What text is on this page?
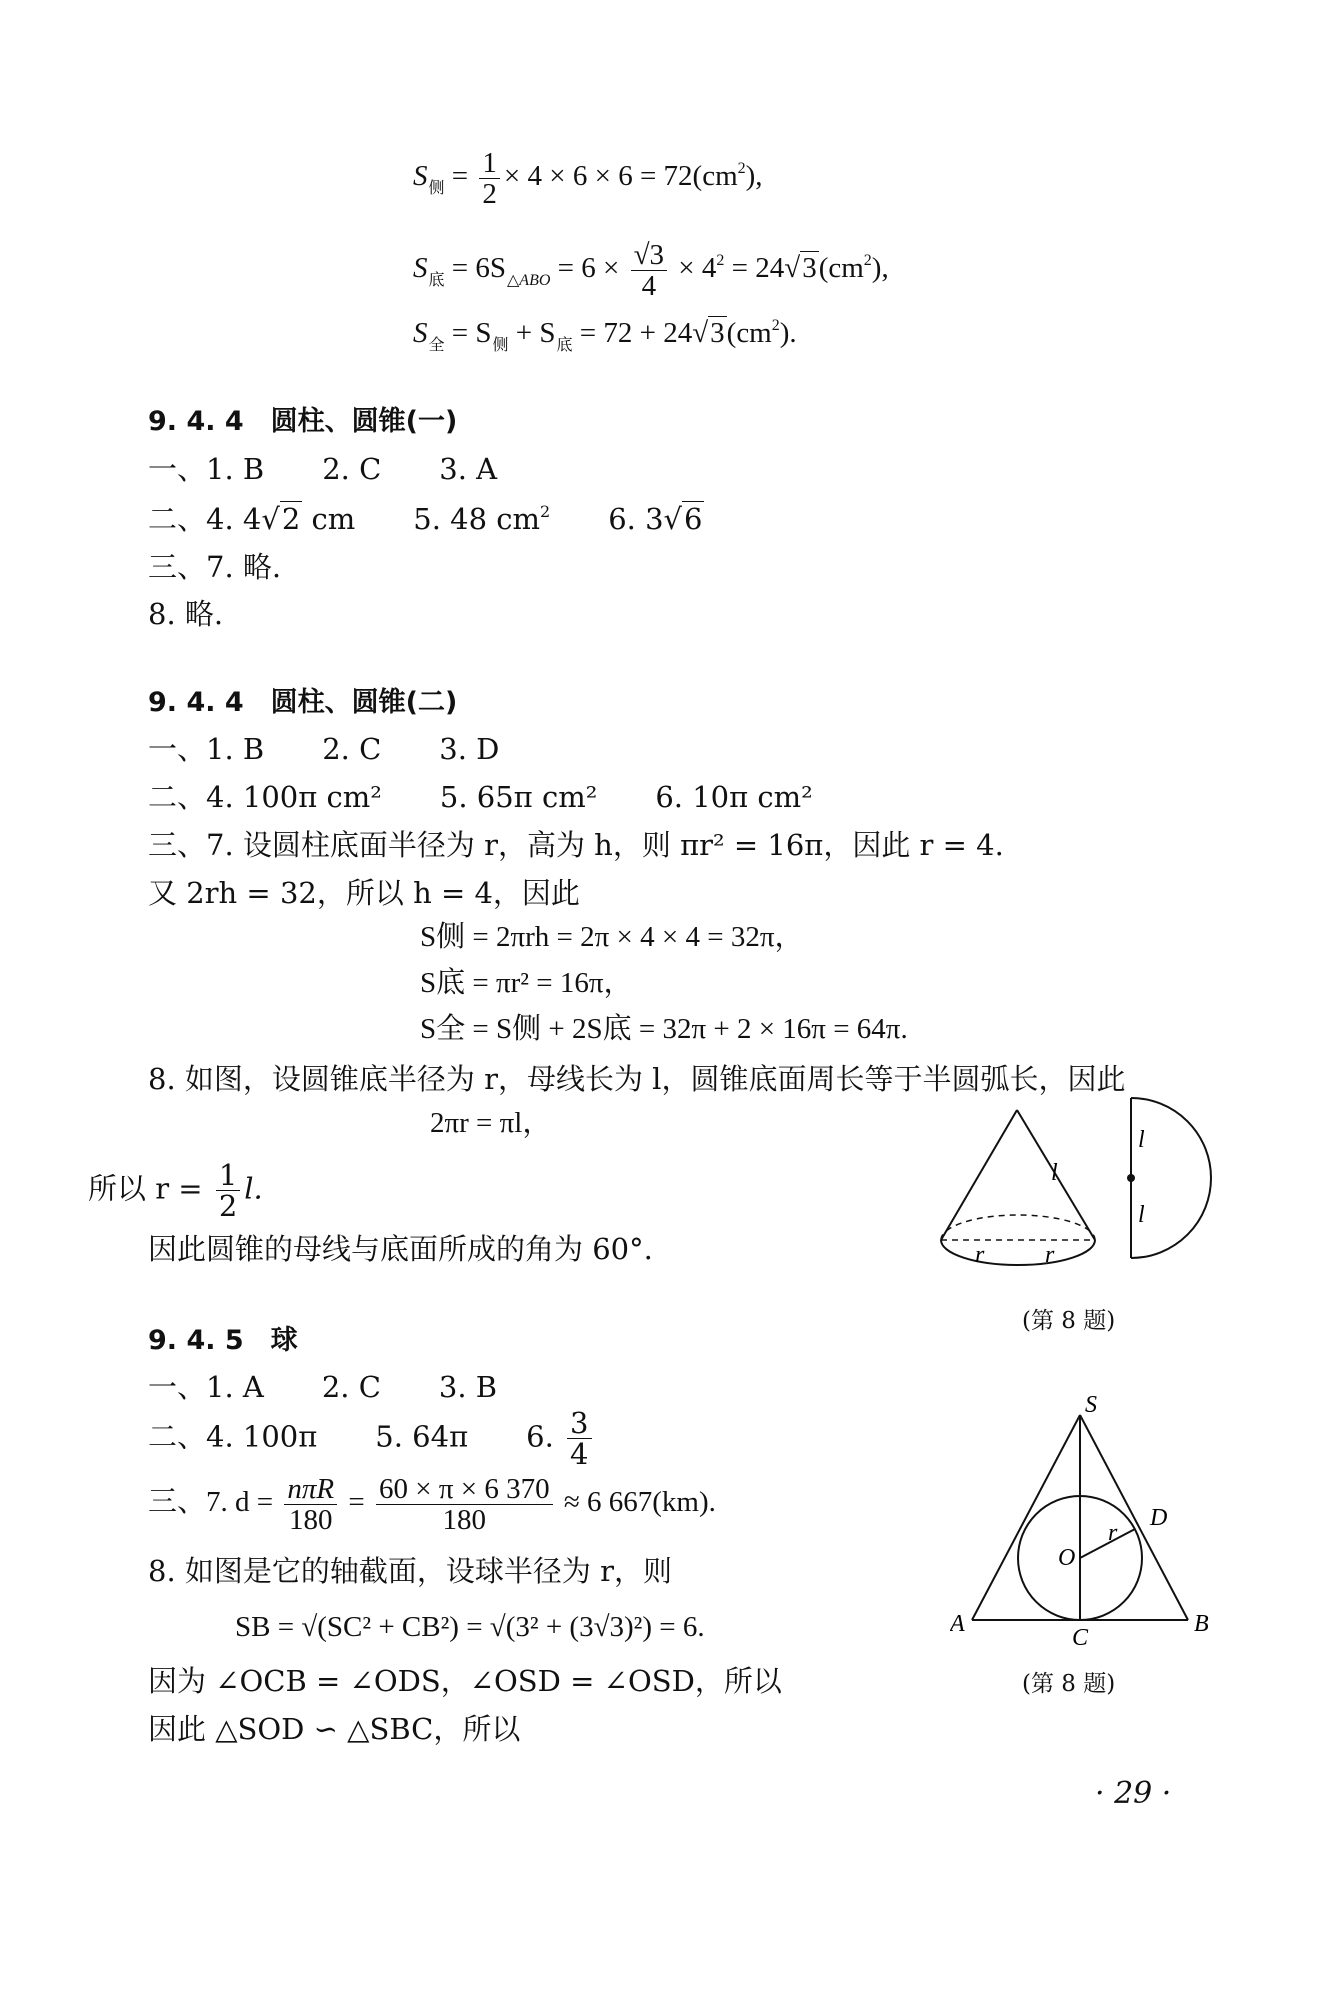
$S_侧 = \frac{1}{2} \times 4 \times 6 \times 6 = 72(cm^2)$,
$S_底 = 6S_{\triangle ABO} = 6 \times \frac{√3}{4} \times 4^2 = 24√3(cm^2)$,
$S_全 = S_侧 + S_底 = 72 + 24√3(cm^2)$.
9. 4. 4　圆柱、圆锥(一)
一、1. B　　2. C　　3. A
二、4. 4√2 cm　　5. 48 $cm^2$　　6. 3√6
三、7. 略.
8. 略.
9. 4. 4　圆柱、圆锥(二)
一、1. B　　2. C　　3. D
二、4. 100π cm²　　5. 65π cm²　　6. 10π cm²
三、7. 设圆柱底面半径为 r，高为 h，则 πr² = 16π，因此 r = 4.
又 2rh = 32，所以 h = 4，因此
S侧 = 2πrh = 2π × 4 × 4 = 32π，
S底 = πr² = 16π，
S全 = S侧 + 2S底 = 32π + 2 × 16π = 64π.
8. 如图，设圆锥底半径为 r，母线长为 l，圆锥底面周长等于半圆弧长，因此
2πr = πl，
所以 $r = \frac{1}{2} l$.
因此圆锥的母线与底面所成的角为 60°.
9. 4. 5　球
一、1. A　　2. C　　3. B
二、4. 100π　　5. 64π　　6. $\frac{3}{4}$
三、7. $d = \frac{\text{nπR}}{180} = \frac{60 \times \pi \times 6 370}{180} \approx 6$ 667(km).
8. 如图是它的轴截面，设球半径为 r，则
SB = √(SC² + CB²) = √(3² + (3√3)²) = 6.
因为 ∠OCB = ∠ODS，∠OSD = ∠OSD，所以
因此 △SOD ∽ △SBC，所以
l
r	r
l
l
(第 8 题)
S
D
O
r
A	B
C
(第 8 题)
· 29 ·
